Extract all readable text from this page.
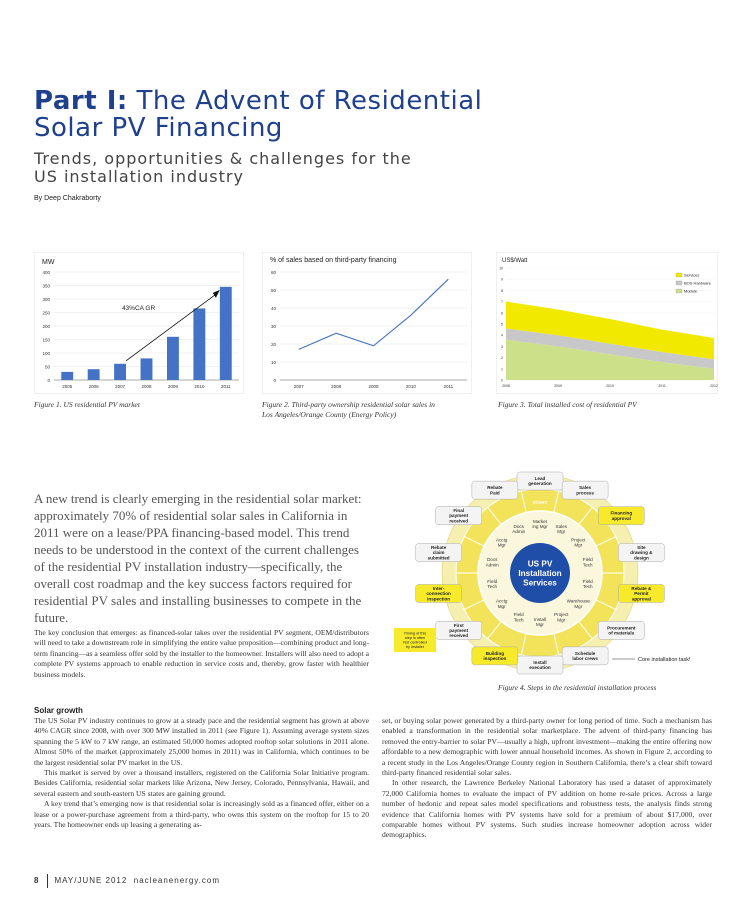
Part I: The Advent of Residential
Solar PV Financing
Trends, opportunities & challenges for the
US installation industry
By Deep Chakraborty
MW
0
50
100
150
200
250
300
350
400
2005	2006	2007	2008	2009	2010	2011
43%CA GR
Figure 1. US residential PV market
% of sales based on third-party financing
0
10
20
30
40
50
60
2007	2008	2009	2010	2011
Figure 2. Third-party ownership residential solar sales in
Los Angeles/Orange County (Energy Policy)
US$/Watt
0
1
2
3
4
5
6
7
8
9
10
2008	2009	2010	2011	2012
Services
BOS Hardware
Module
Figure 3. Total installed cost of residential PV
Market ing Mgr Sales Mgr
Project Mgr
Field Tech
Field Tech
Warehouse Mgr
Project Mgr
Install Mgr
Field Tech
Acctg Mgr
Field Tech
Docs Admin
Acctg Mgr
Docs Admin
US PV Installation Services
START
Lead generation
Sales process
Financing approval
Site drawing & design
Rebate & Permit approval
Procurement of materials
Schedule labor crews
Install execution
Building inspection
First payment received
Inter-connection inspection
Rebate claim submitted
Final payment received
Rebate Paid
Timing of this step is often Not controlled by installer
Core installation task!
Figure 4. Steps in the residential installation process
A new trend is clearly emerging in the residential solar market: approximately 70% of residential solar sales in California in 2011 were on a lease/PPA financing-based model. This trend needs to be understood in the context of the current challenges of the residential PV installation industry—specifically, the overall cost roadmap and the key success factors required for residential PV sales and installing businesses to compete in the future.
The key conclusion that emerges: as financed-solar takes over the residential PV segment, OEM/distributors will need to take a downstream role in simplifying the entire value proposition—combining product and long-term financing—as a seamless offer sold by the installer to the homeowner. Installers will also need to adopt a complete PV systems approach to enable reduction in service costs and, thereby, grow faster with healthier business models.
Solar growth

The US Solar PV industry continues to grow at a steady pace and the residential segment has grown at above 40% CAGR since 2008, with over 300 MW installed in 2011 (see Figure 1). Assuming average system sizes spanning the 5 kW to 7 kW range, an estimated 50,000 homes adopted rooftop solar solutions in 2011 alone. Almost 50% of the market (approximately 25,000 homes in 2011) was in California, which continues to be the largest residential solar PV market in the US.

This market is served by over a thousand installers, registered on the California Solar Initiative program. Besides California, residential solar markets like Arizona, New Jersey, Colorado, Pennsylvania, Hawaii, and several eastern and south-eastern US states are gaining ground.

A key trend that’s emerging now is that residential solar is increasingly sold as a financed offer, either on a lease or a power-purchase agreement from a third-party, who owns this system on the rooftop for 15 to 20 years. The homeowner ends up leasing a generating as-

set, or buying solar power generated by a third-party owner for long period of time. Such a mechanism has enabled a transformation in the residential solar marketplace. The advent of third-party financing has removed the entry-barrier to solar PV—usually a high, upfront investment—making the entire offering now affordable to a new demographic with lower annual household incomes. As shown in Figure 2, according to a recent study in the Los Angeles/Orange County region in Southern California, there’s a clear shift toward third-party financed residential solar sales.

In other research, the Lawrence Berkeley National Laboratory has used a dataset of approximately 72,000 California homes to evaluate the impact of PV addition on home re-sale prices. Across a large number of hedonic and repeat sales model specifications and robustness tests, the analysis finds strong evidence that California homes with PV systems have sold for a premium of about $17,000, over comparable homes without PV systems. Such studies increase homeowner adoption across wider demographics.

8 MAY/JUNE 2012 nacleanenergy.com
